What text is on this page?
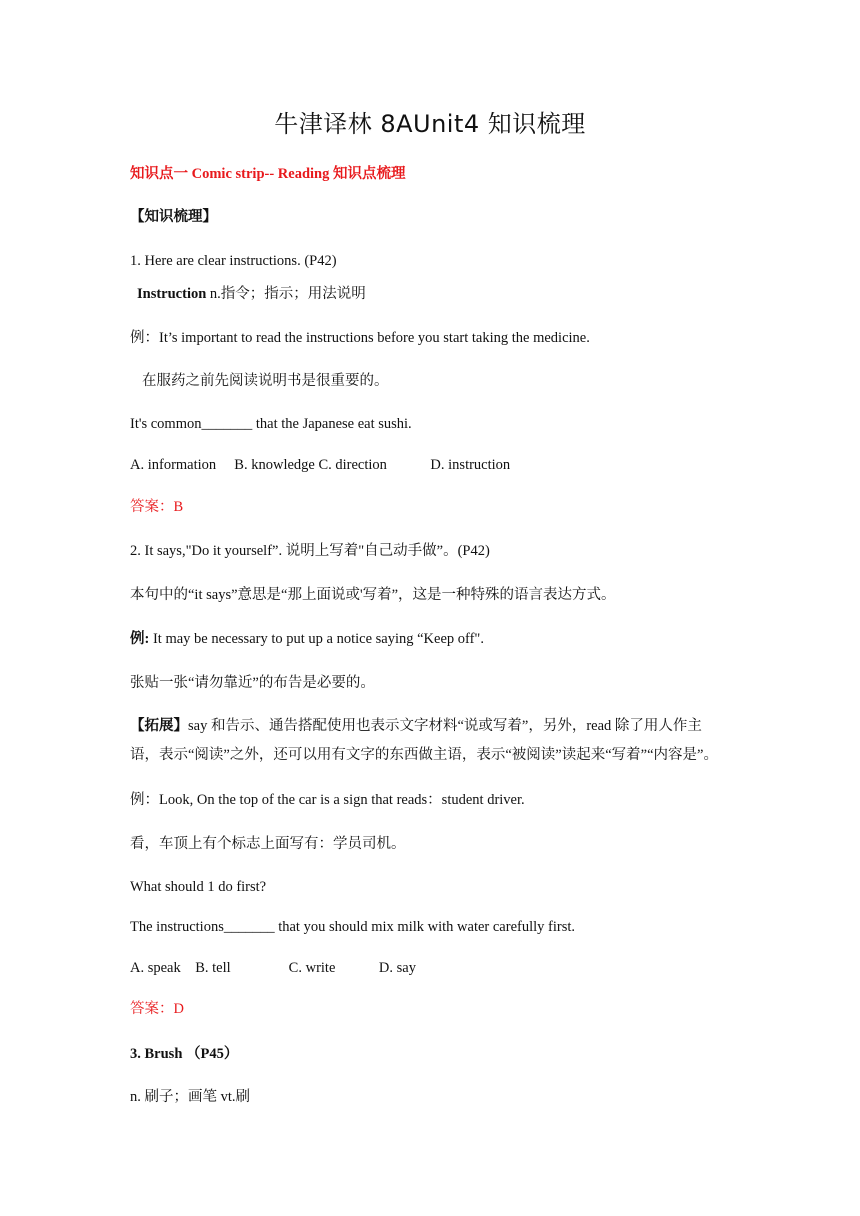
牛津译林 8AUnit4 知识梳理
知识点一 Comic strip-- Reading 知识点梳理
【知识梳理】
1. Here are clear instructions. (P42)
Instruction n.指令；指示；用法说明
例：It’s important to read the instructions before you start taking the medicine.
在服药之前先阅读说明书是很重要的。
It's common_______ that the Japanese eat sushi.
A. information     B. knowledge C. direction            D. instruction
答案：B
2. It says,"Do it yourself”. 说明上写着"自己动手做”。(P42)
本句中的“it says”意思是“那上面说或'写着”，这是一种特殊的语言表达方式。
例: It may be necessary to put up a notice saying “Keep off".
张贴一张“请勿靠近”的布告是必要的。
【拓展】say 和告示、通告搭配使用也表示文字材料“说或写着”，另外，read 除了用人作主
语，表示“阅读”之外，还可以用有文字的东西做主语，表示“被阅读”读起来“写着”“内容是”。
例：Look, On the top of the car is a sign that reads：student driver.
看，车顶上有个标志上面写有：学员司机。
What should 1 do first?
The instructions_______ that you should mix milk with water carefully first.
A. speak    B. tell                C. write            D. say
答案：D
3. Brush （P45）
n. 刷子；画笔 vt.刷
